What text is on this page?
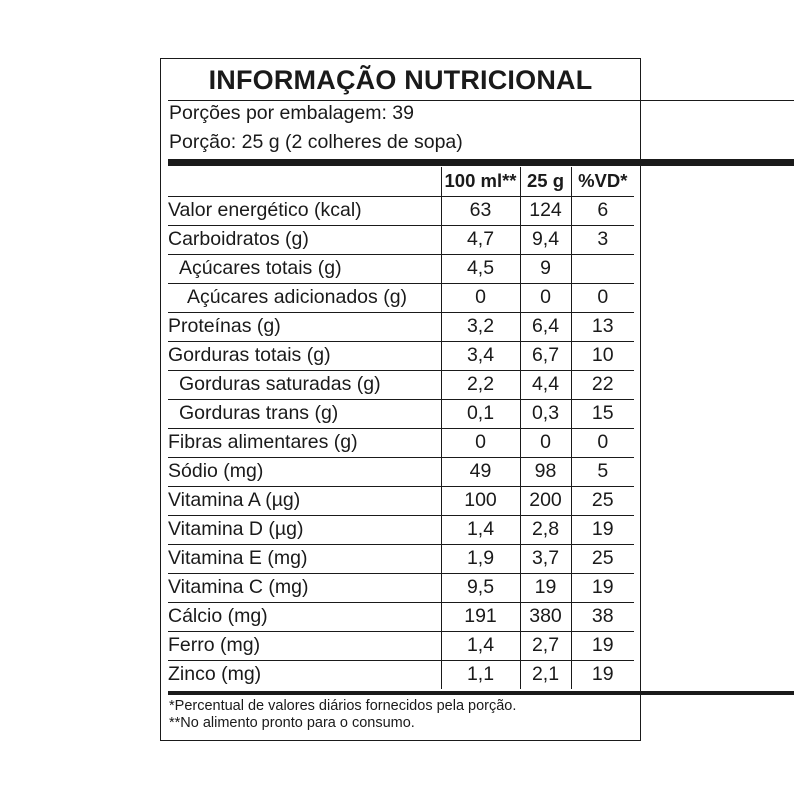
INFORMAÇÃO NUTRICIONAL
Porções por embalagem: 39
Porção: 25 g (2 colheres de sopa)
	100 ml**	25 g	%VD*
Valor energético (kcal)	63	124	6
Carboidratos (g)	4,7	9,4	3
Açúcares totais (g)	4,5	9	
Açúcares adicionados (g)	0	0	0
Proteínas (g)	3,2	6,4	13
Gorduras totais (g)	3,4	6,7	10
Gorduras saturadas (g)	2,2	4,4	22
Gorduras trans (g)	0,1	0,3	15
Fibras alimentares (g)	0	0	0
Sódio (mg)	49	98	5
Vitamina A (µg)	100	200	25
Vitamina D (µg)	1,4	2,8	19
Vitamina E (mg)	1,9	3,7	25
Vitamina C (mg)	9,5	19	19
Cálcio (mg)	191	380	38
Ferro (mg)	1,4	2,7	19
Zinco (mg)	1,1	2,1	19
*Percentual de valores diários fornecidos pela porção.
**No alimento pronto para o consumo.
